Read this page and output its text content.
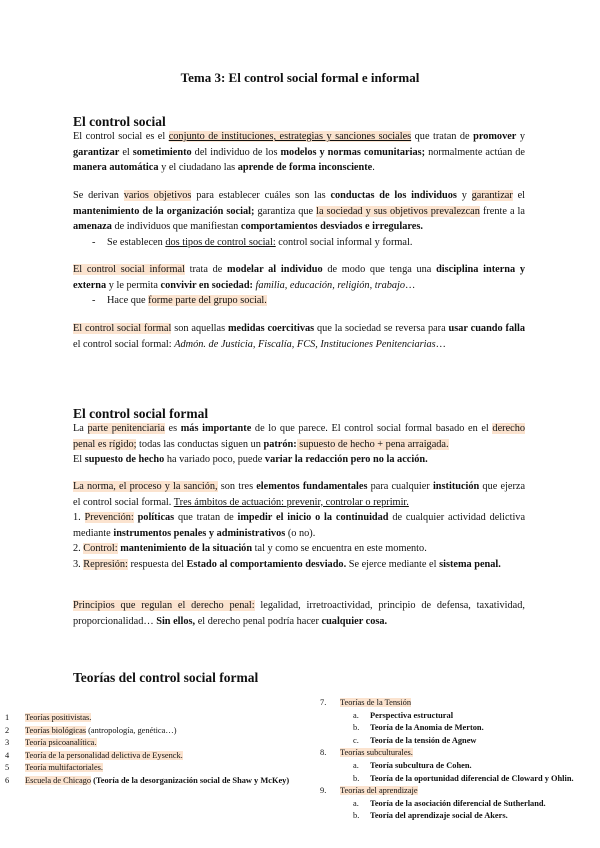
Tema 3: El control social formal e informal
El control social

El control social es el conjunto de instituciones, estrategias y sanciones sociales que tratan de promover y garantizar el sometimiento del individuo de los modelos y normas comunitarias; normalmente actúan de manera automática y el ciudadano las aprende de forma inconsciente.

Se derivan varios objetivos para establecer cuáles son las conductas de los individuos y garantizar el mantenimiento de la organización social; garantiza que la sociedad y sus objetivos prevalezcan frente a la amenaza de individuos que manifiestan comportamientos desviados e irregulares.

- Se establecen dos tipos de control social: control social informal y formal.

El control social informal trata de modelar al individuo de modo que tenga una disciplina interna y externa y le permita convivir en sociedad: familia, educación, religión, trabajo…

- Hace que forme parte del grupo social.

El control social formal son aquellas medidas coercitivas que la sociedad se reversa para usar cuando falla el control social formal: Admón. de Justicia, Fiscalía, FCS, Instituciones Penitenciarias…

El control social formal

La parte penitenciaria es más importante de lo que parece. El control social formal basado en el derecho penal es rígido; todas las conductas siguen un patrón: supuesto de hecho + pena arraigada.

El supuesto de hecho ha variado poco, puede variar la redacción pero no la acción.

La norma, el proceso y la sanción, son tres elementos fundamentales para cualquier institución que ejerza el control social formal. Tres ámbitos de actuación: prevenir, controlar o reprimir.

1. Prevención: políticas que tratan de impedir el inicio o la continuidad de cualquier actividad delictiva mediante instrumentos penales y administrativos (o no).

2. Control: mantenimiento de la situación tal y como se encuentra en este momento.

3. Represión: respuesta del Estado al comportamiento desviado. Se ejerce mediante el sistema penal.

Principios que regulan el derecho penal: legalidad, irretroactividad, principio de defensa, taxatividad, proporcionalidad… Sin ellos, el derecho penal podría hacer cualquier cosa.

Teorías del control social formal
1	Teorías positivistas.
2	Teorías biológicas (antropología, genética…)
3	Teoría psicoanalítica.
4	Teoría de la personalidad delictiva de Eysenck.
5	Teoría multifactoriales.
6	Escuela de Chicago (Teoría de la desorganización social de Shaw y McKey)
7.	Teorías de la Tensión
a. Perspectiva estructural
b. Teoría de la Anomia de Merton.
c. Teoría de la tensión de Agnew
8.	Teorías subculturales.
a. Teoría subcultura de Cohen.
b. Teoría de la oportunidad diferencial de Cloward y Ohlin.
9.	Teorías del aprendizaje
a. Teoría de la asociación diferencial de Sutherland.
b. Teoría del aprendizaje social de Akers.
